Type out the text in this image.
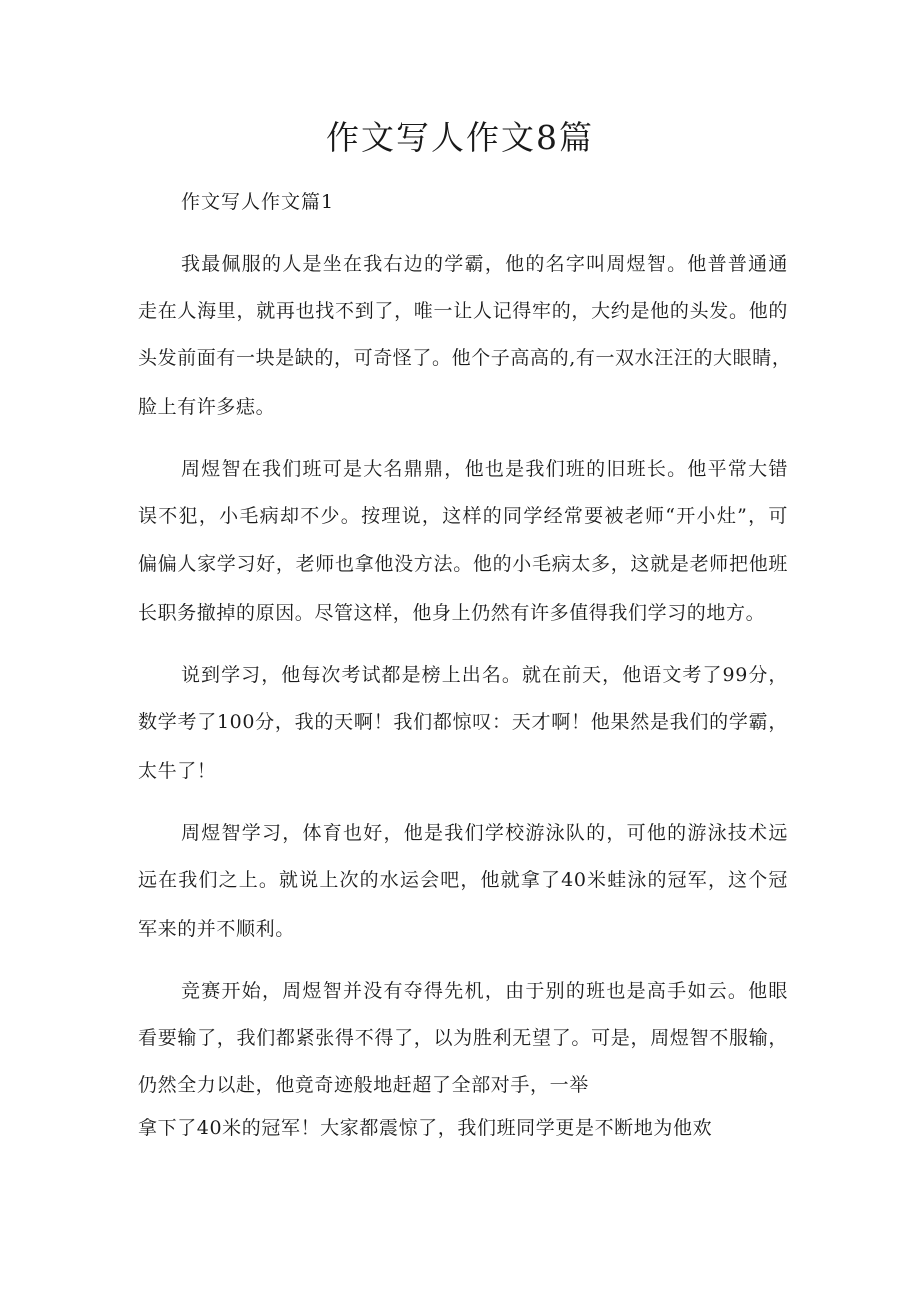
作文写人作文8篇
作文写人作文篇1
我最佩服的人是坐在我右边的学霸，他的名字叫周煜智。他普普通通
走在人海里，就再也找不到了，唯一让人记得牢的，大约是他的头发。他的
头发前面有一块是缺的，可奇怪了。他个子高高的,有一双水汪汪的大眼睛，
脸上有许多痣。
周煜智在我们班可是大名鼎鼎，他也是我们班的旧班长。他平常大错
误不犯，小毛病却不少。按理说，这样的同学经常要被老师“开小灶”，可
偏偏人家学习好，老师也拿他没方法。他的小毛病太多，这就是老师把他班
长职务撤掉的原因。尽管这样，他身上仍然有许多值得我们学习的地方。
说到学习，他每次考试都是榜上出名。就在前天，他语文考了99分，
数学考了100分，我的天啊！我们都惊叹：天才啊！他果然是我们的学霸，
太牛了！
周煜智学习，体育也好，他是我们学校游泳队的，可他的游泳技术远
远在我们之上。就说上次的水运会吧，他就拿了40米蛙泳的冠军，这个冠
军来的并不顺利。
竞赛开始，周煜智并没有夺得先机，由于别的班也是高手如云。他眼
看要输了，我们都紧张得不得了，以为胜利无望了。可是，周煜智不服输，
仍然全力以赴，他竟奇迹般地赶超了全部对手，一举
拿下了40米的冠军！大家都震惊了，我们班同学更是不断地为他欢
